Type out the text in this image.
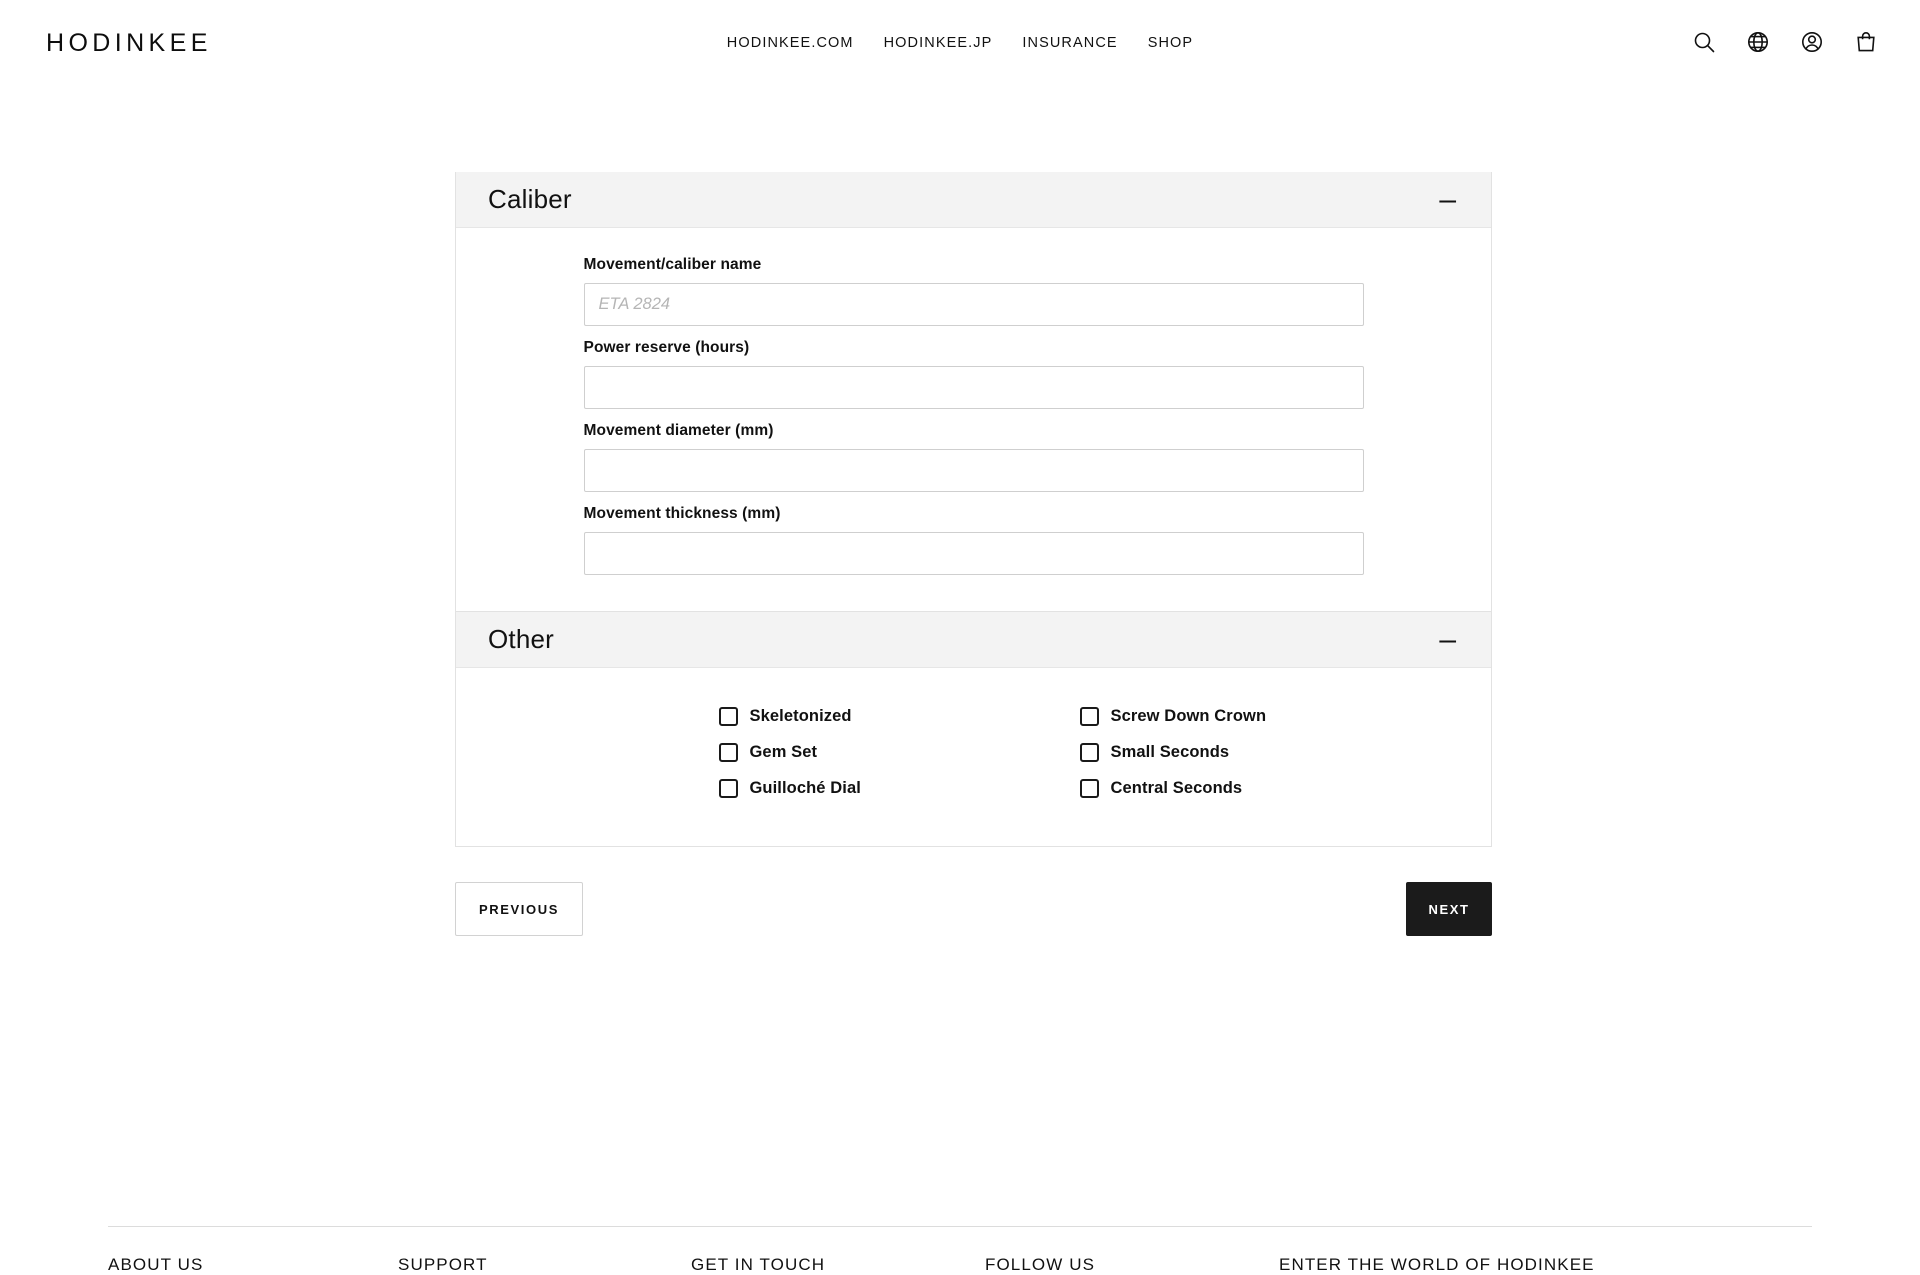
HODINKEE	HODINKEE.COM HODINKEE.JP INSURANCE SHOP
Caliber	–
Movement/caliber name
ETA 2824
Power reserve (hours)
Movement diameter (mm)
Movement thickness (mm)
Other	–
Skeletonized
Gem Set
Guilloché Dial
Screw Down Crown
Small Seconds
Central Seconds
PREVIOUS	NEXT
ABOUT US	SUPPORT	GET IN TOUCH	FOLLOW US	ENTER THE WORLD OF HODINKEE
